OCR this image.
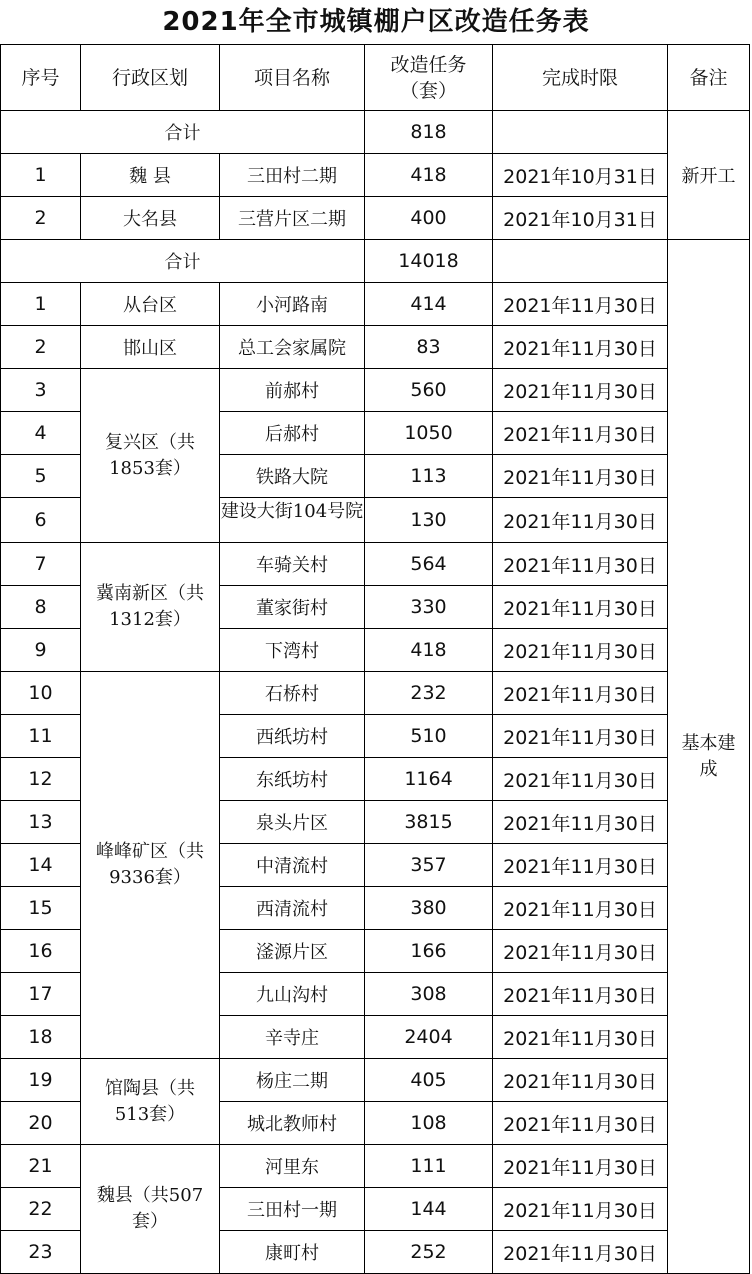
2021年全市城镇棚户区改造任务表
序号	行政区划	项目名称	改造任务（套）	完成时限	备注
合计			818		新开工
1	魏 县	三田村二期	418	2021年10月31日	
2	大名县	三营片区二期	400	2021年10月31日	
合计			14018		基本建成
1	从台区	小河路南	414	2021年11月30日	
2	邯山区	总工会家属院	83	2021年11月30日	
3	复兴区（共1853套）	前郝村	560	2021年11月30日	
4		后郝村	1050	2021年11月30日	
5		铁路大院	113	2021年11月30日	
6		建设大街104号院	130	2021年11月30日	
7	冀南新区（共1312套）	车骑关村	564	2021年11月30日	
8		董家街村	330	2021年11月30日	
9		下湾村	418	2021年11月30日	
10	峰峰矿区（共9336套）	石桥村	232	2021年11月30日	
11		西纸坊村	510	2021年11月30日	
12		东纸坊村	1164	2021年11月30日	
13		泉头片区	3815	2021年11月30日	
14		中清流村	357	2021年11月30日	
15		西清流村	380	2021年11月30日	
16		滏源片区	166	2021年11月30日	
17		九山沟村	308	2021年11月30日	
18		辛寺庄	2404	2021年11月30日	
19	馆陶县（共513套）	杨庄二期	405	2021年11月30日	
20		城北教师村	108	2021年11月30日	
21	魏县（共507套）	河里东	111	2021年11月30日	
22		三田村一期	144	2021年11月30日	
23		康町村	252	2021年11月30日	
